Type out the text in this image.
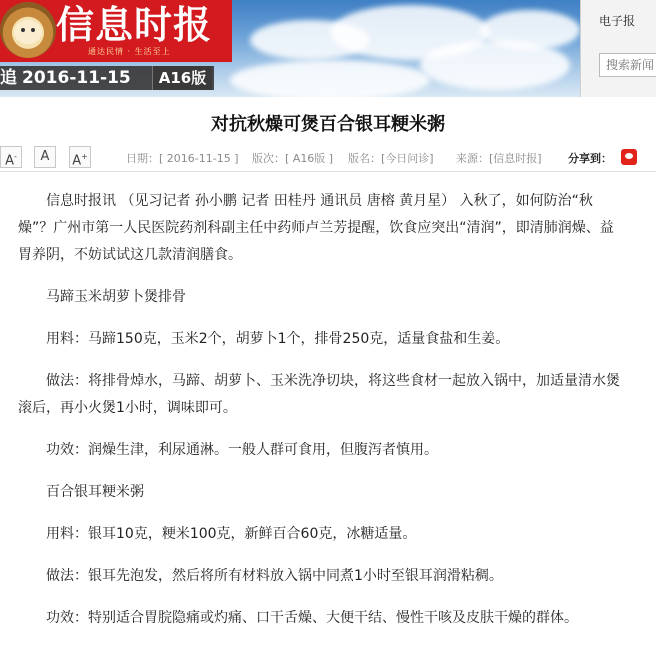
信息时报
通达民情 · 生活至上
追 2016-11-15	A16版
电子报
搜索新闻
对抗秋燥可煲百合银耳粳米粥
A-	A	A+	日期：[ 2016-11-15 ] 版次：[ A16版 ] 版名：[今日问诊] 来源：[信息时报] 分享到：

信息时报讯 （见习记者 孙小鹏 记者 田桂丹 通讯员 唐榕 黄月星） 入秋了，如何防治“秋燥”？广州市第一人民医院药剂科副主任中药师卢兰芳提醒，饮食应突出“清润”，即清肺润燥、益胃养阴，不妨试试这几款清润膳食。

马蹄玉米胡萝卜煲排骨

用料：马蹄150克，玉米2个，胡萝卜1个，排骨250克，适量食盐和生姜。

做法：将排骨焯水，马蹄、胡萝卜、玉米洗净切块，将这些食材一起放入锅中，加适量清水煲滚后，再小火煲1小时，调味即可。

功效：润燥生津，利尿通淋。一般人群可食用，但腹泻者慎用。

百合银耳粳米粥

用料：银耳10克，粳米100克，新鲜百合60克，冰糖适量。

做法：银耳先泡发，然后将所有材料放入锅中同煮1小时至银耳润滑粘稠。

功效：特别适合胃脘隐痛或灼痛、口干舌燥、大便干结、慢性干咳及皮肤干燥的群体。
